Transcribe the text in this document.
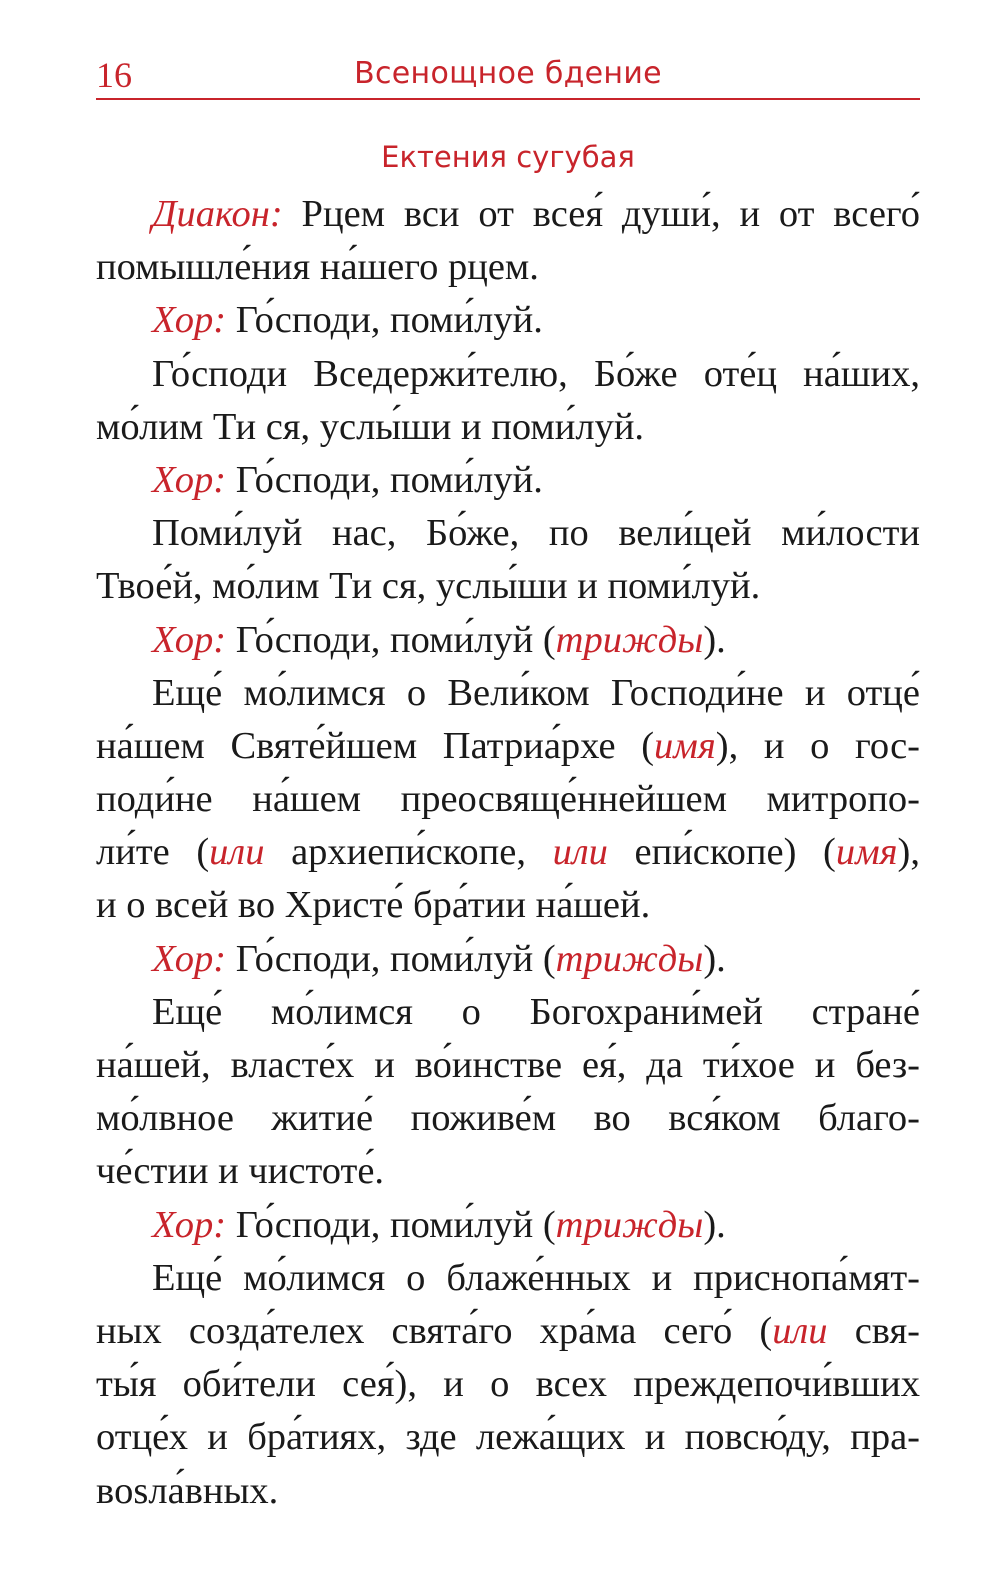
16	Всенощное бдение
Ектения сугубая
Диакон: Рцем вси от всея́ души́, и от всего́
помышле́ния на́шего рцем.
Хор: Го́споди, поми́луй.
Го́споди Вседержи́телю, Бо́же оте́ц на́ших,
мо́лим Ти ся, услы́ши и поми́луй.
Хор: Го́споди, поми́луй.
Поми́луй нас, Бо́же, по вели́цей ми́лости
Твое́й, мо́лим Ти ся, услы́ши и поми́луй.
Хор: Го́споди, поми́луй (трижды).
Еще́ мо́лимся о Вели́ком Господи́не и отце́
на́шем Святе́йшем Патриа́рхе (имя), и о гос-
поди́не на́шем преосвяще́ннейшем митропо-
ли́те (или архиепи́скопе, или епи́скопе) (имя),
и о всей во Христе́ бра́тии на́шей.
Хор: Го́споди, поми́луй (трижды).
Еще́ мо́лимся о Богохрани́мей стране́
на́шей, власте́х и во́инстве ея́, да ти́хое и без-
мо́лвное житие́ поживе́м во вся́ком благо-
че́стии и чистоте́.
Хор: Го́споди, поми́луй (трижды).
Еще́ мо́лимся о блаже́нных и приснопа́мят-
ных созда́телех свята́го хра́ма сего́ (или свя-
ты́я оби́тели сея́), и о всех преждепочи́вших
отце́х и бра́тиях, зде лежа́щих и повсю́ду, пра-
вosла́вных.
